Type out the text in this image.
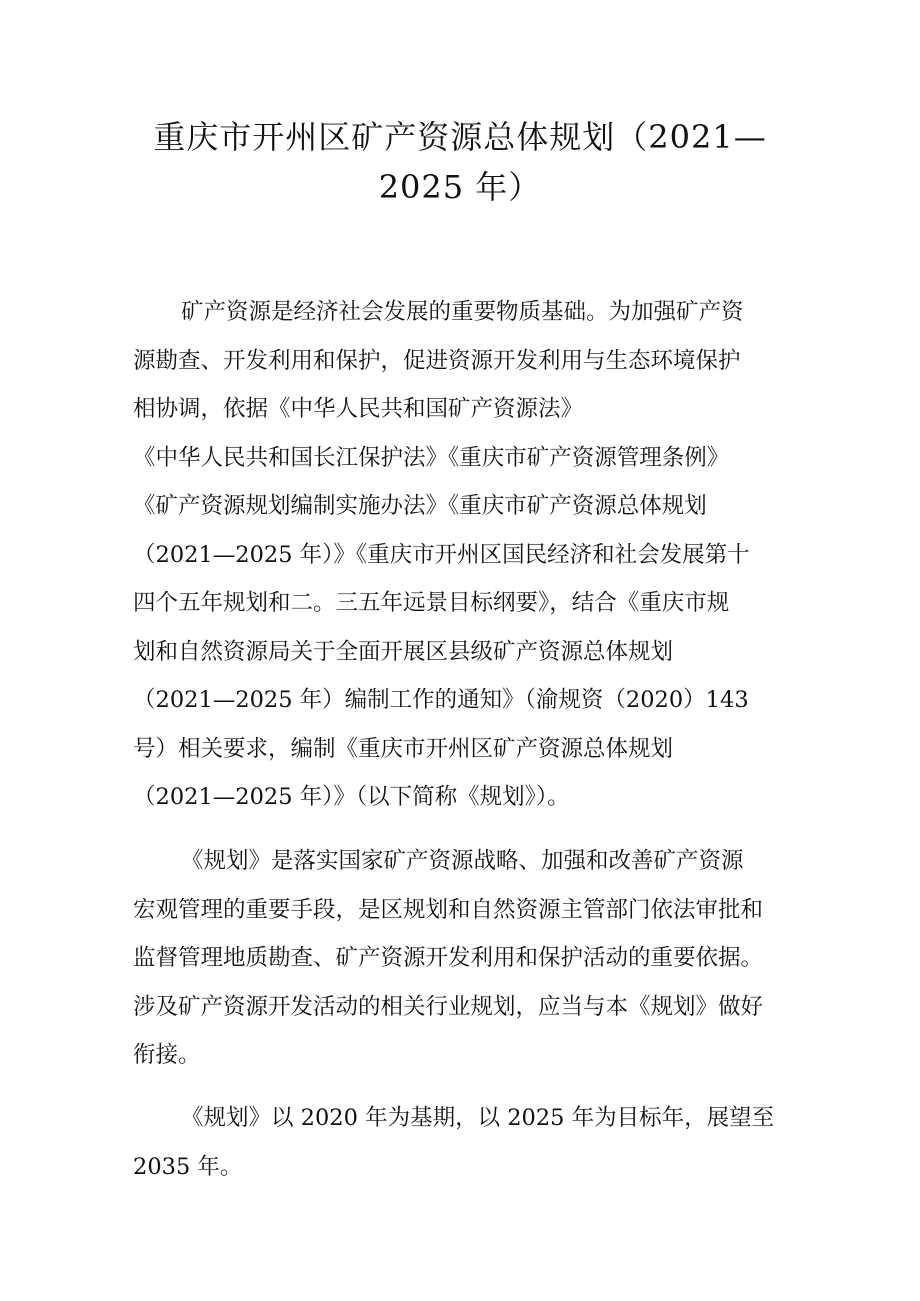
重庆市开州区矿产资源总体规划（2021—
2025 年）

矿产资源是经济社会发展的重要物质基础。为加强矿产资
源勘查、开发利用和保护，促进资源开发利用与生态环境保护
相协调，依据《中华人民共和国矿产资源法》
《中华人民共和国长江保护法》《重庆市矿产资源管理条例》
《矿产资源规划编制实施办法》《重庆市矿产资源总体规划
（2021—2025 年）》《重庆市开州区国民经济和社会发展第十
四个五年规划和二。三五年远景目标纲要》，结合《重庆市规
划和自然资源局关于全面开展区县级矿产资源总体规划
（2021—2025 年）编制工作的通知》（渝规资（2020）143
号）相关要求，编制《重庆市开州区矿产资源总体规划
（2021—2025 年）》（以下简称《规划》）。

《规划》是落实国家矿产资源战略、加强和改善矿产资源
宏观管理的重要手段，是区规划和自然资源主管部门依法审批和
监督管理地质勘查、矿产资源开发利用和保护活动的重要依据。
涉及矿产资源开发活动的相关行业规划，应当与本《规划》做好
衔接。

《规划》以 2020 年为基期，以 2025 年为目标年，展望至
2035 年。
